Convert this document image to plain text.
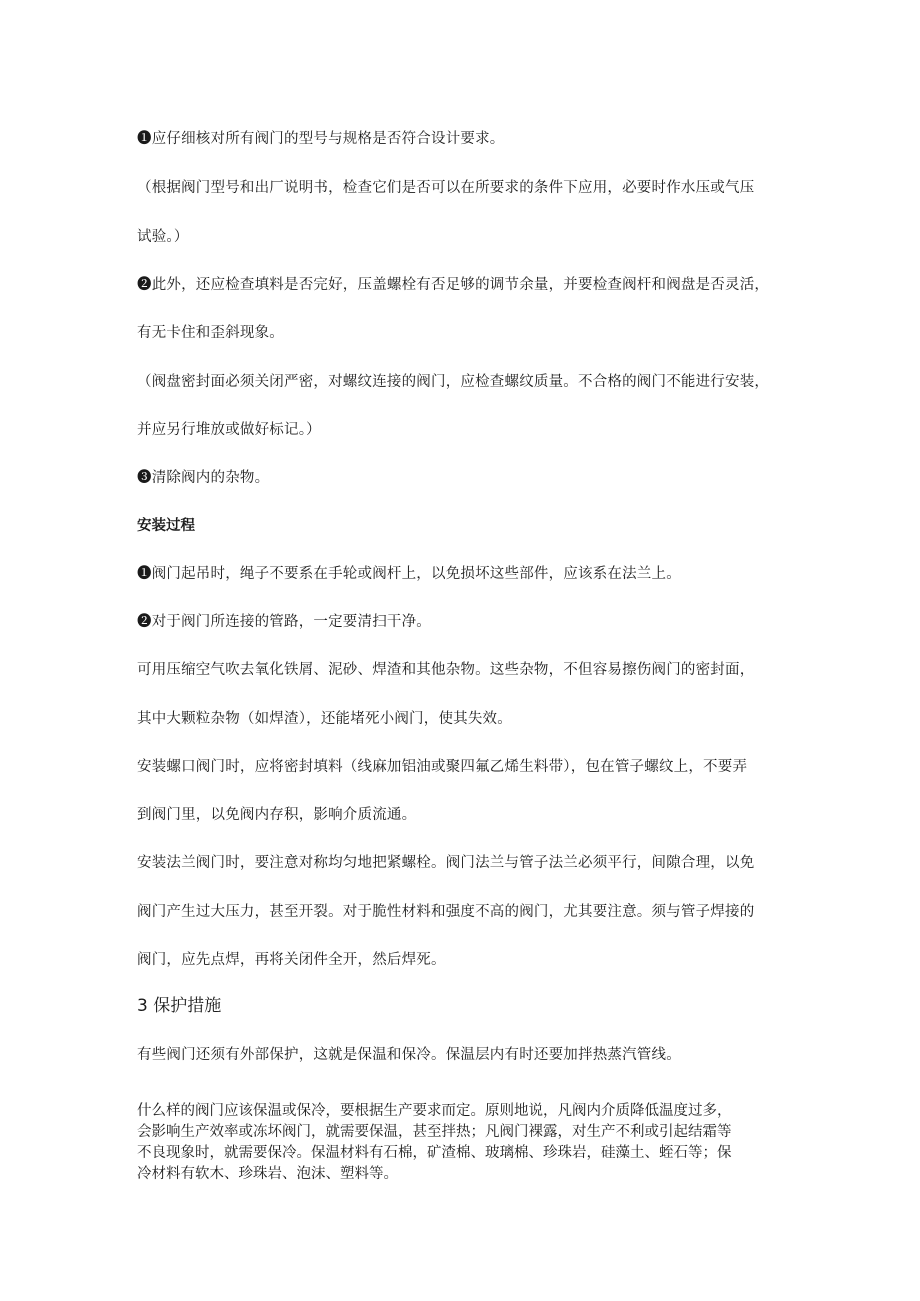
❶应仔细核对所有阀门的型号与规格是否符合设计要求。
（根据阀门型号和出厂说明书，检查它们是否可以在所要求的条件下应用，必要时作水压或气压
试验。）
❷此外，还应检查填料是否完好，压盖螺栓有否足够的调节余量，并要检查阀杆和阀盘是否灵活，
有无卡住和歪斜现象。
（阀盘密封面必须关闭严密，对螺纹连接的阀门，应检查螺纹质量。不合格的阀门不能进行安装，
并应另行堆放或做好标记。）
❸清除阀内的杂物。
安装过程
❶阀门起吊时，绳子不要系在手轮或阀杆上，以免损坏这些部件，应该系在法兰上。
❷对于阀门所连接的管路，一定要清扫干净。
可用压缩空气吹去氧化铁屑、泥砂、焊渣和其他杂物。这些杂物，不但容易擦伤阀门的密封面，
其中大颗粒杂物（如焊渣），还能堵死小阀门，使其失效。
安装螺口阀门时，应将密封填料（线麻加铝油或聚四氟乙烯生料带），包在管子螺纹上，不要弄
到阀门里，以免阀内存积，影响介质流通。
安装法兰阀门时，要注意对称均匀地把紧螺栓。阀门法兰与管子法兰必须平行，间隙合理，以免
阀门产生过大压力，甚至开裂。对于脆性材料和强度不高的阀门，尤其要注意。须与管子焊接的
阀门，应先点焊，再将关闭件全开，然后焊死。
3 保护措施
有些阀门还须有外部保护，这就是保温和保冷。保温层内有时还要加拌热蒸汽管线。
什么样的阀门应该保温或保冷，要根据生产要求而定。原则地说，凡阀内介质降低温度过多，
会影响生产效率或冻坏阀门，就需要保温，甚至拌热；凡阀门裸露，对生产不利或引起结霜等
不良现象时，就需要保冷。保温材料有石棉，矿渣棉、玻璃棉、珍珠岩，硅藻土、蛭石等；保
冷材料有软木、珍珠岩、泡沫、塑料等。
